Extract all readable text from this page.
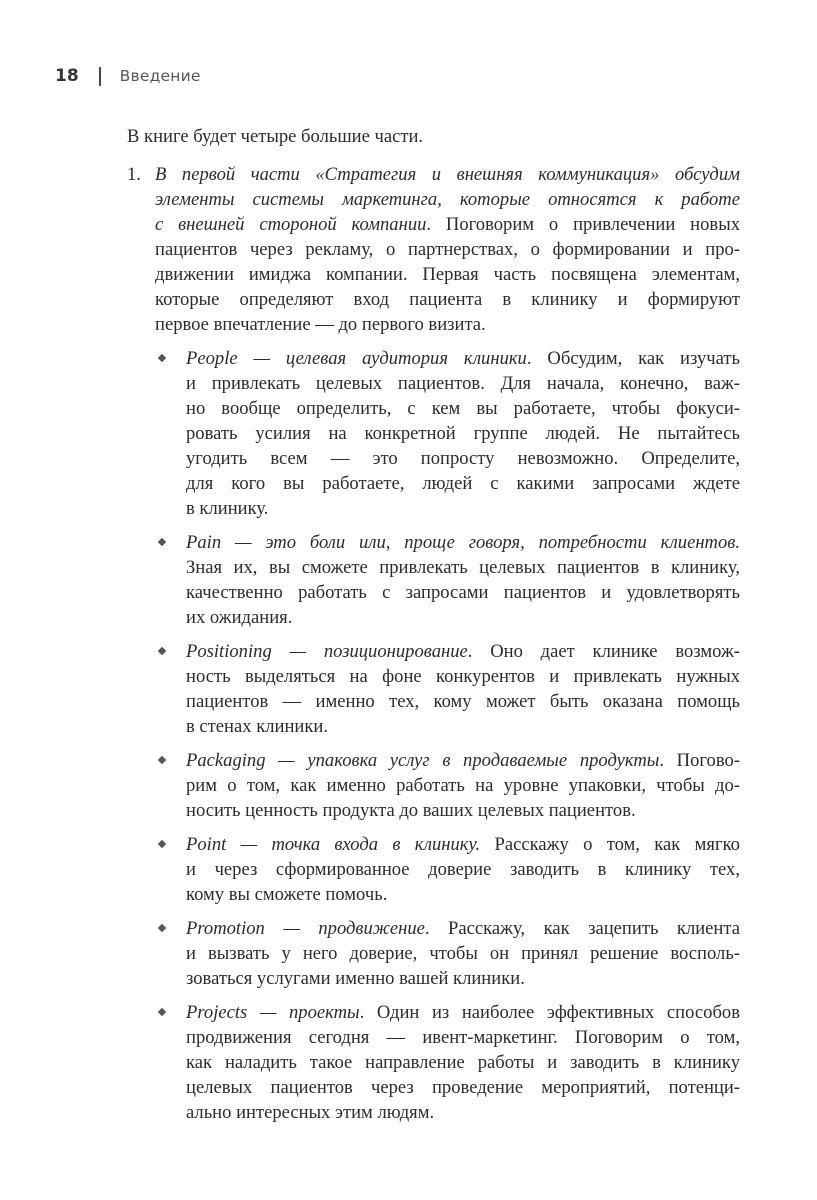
18	Введение
В книге будет четыре большие части.
1. В первой части «Стратегия и внешняя коммуникация» обсудим
элементы системы маркетинга, которые относятся к работе
с внешней стороной компании. Поговорим о привлечении новых
пациентов через рекламу, о партнерствах, о формировании и про-
движении имиджа компании. Первая часть посвящена элементам,
которые определяют вход пациента в клинику и формируют
первое впечатление — до первого визита.
People — целевая аудитория клиники. Обсудим, как изучать
и привлекать целевых пациентов. Для начала, конечно, важ-
но вообще определить, с кем вы работаете, чтобы фокуси-
ровать усилия на конкретной группе людей. Не пытайтесь
угодить всем — это попросту невозможно. Определите,
для кого вы работаете, людей с какими запросами ждете
в клинику.
Pain — это боли или, проще говоря, потребности клиентов.
Зная их, вы сможете привлекать целевых пациентов в клинику,
качественно работать с запросами пациентов и удовлетворять
их ожидания.
Positioning — позиционирование. Оно дает клинике возмож-
ность выделяться на фоне конкурентов и привлекать нужных
пациентов — именно тех, кому может быть оказана помощь
в стенах клиники.
Packaging — упаковка услуг в продаваемые продукты. Погово-
рим о том, как именно работать на уровне упаковки, чтобы до-
носить ценность продукта до ваших целевых пациентов.
Point — точка входа в клинику. Расскажу о том, как мягко
и через сформированное доверие заводить в клинику тех,
кому вы сможете помочь.
Promotion — продвижение. Расскажу, как зацепить клиента
и вызвать у него доверие, чтобы он принял решение восполь-
зоваться услугами именно вашей клиники.
Projects — проекты. Один из наиболее эффективных способов
продвижения сегодня — ивент-маркетинг. Поговорим о том,
как наладить такое направление работы и заводить в клинику
целевых пациентов через проведение мероприятий, потенци-
ально интересных этим людям.
